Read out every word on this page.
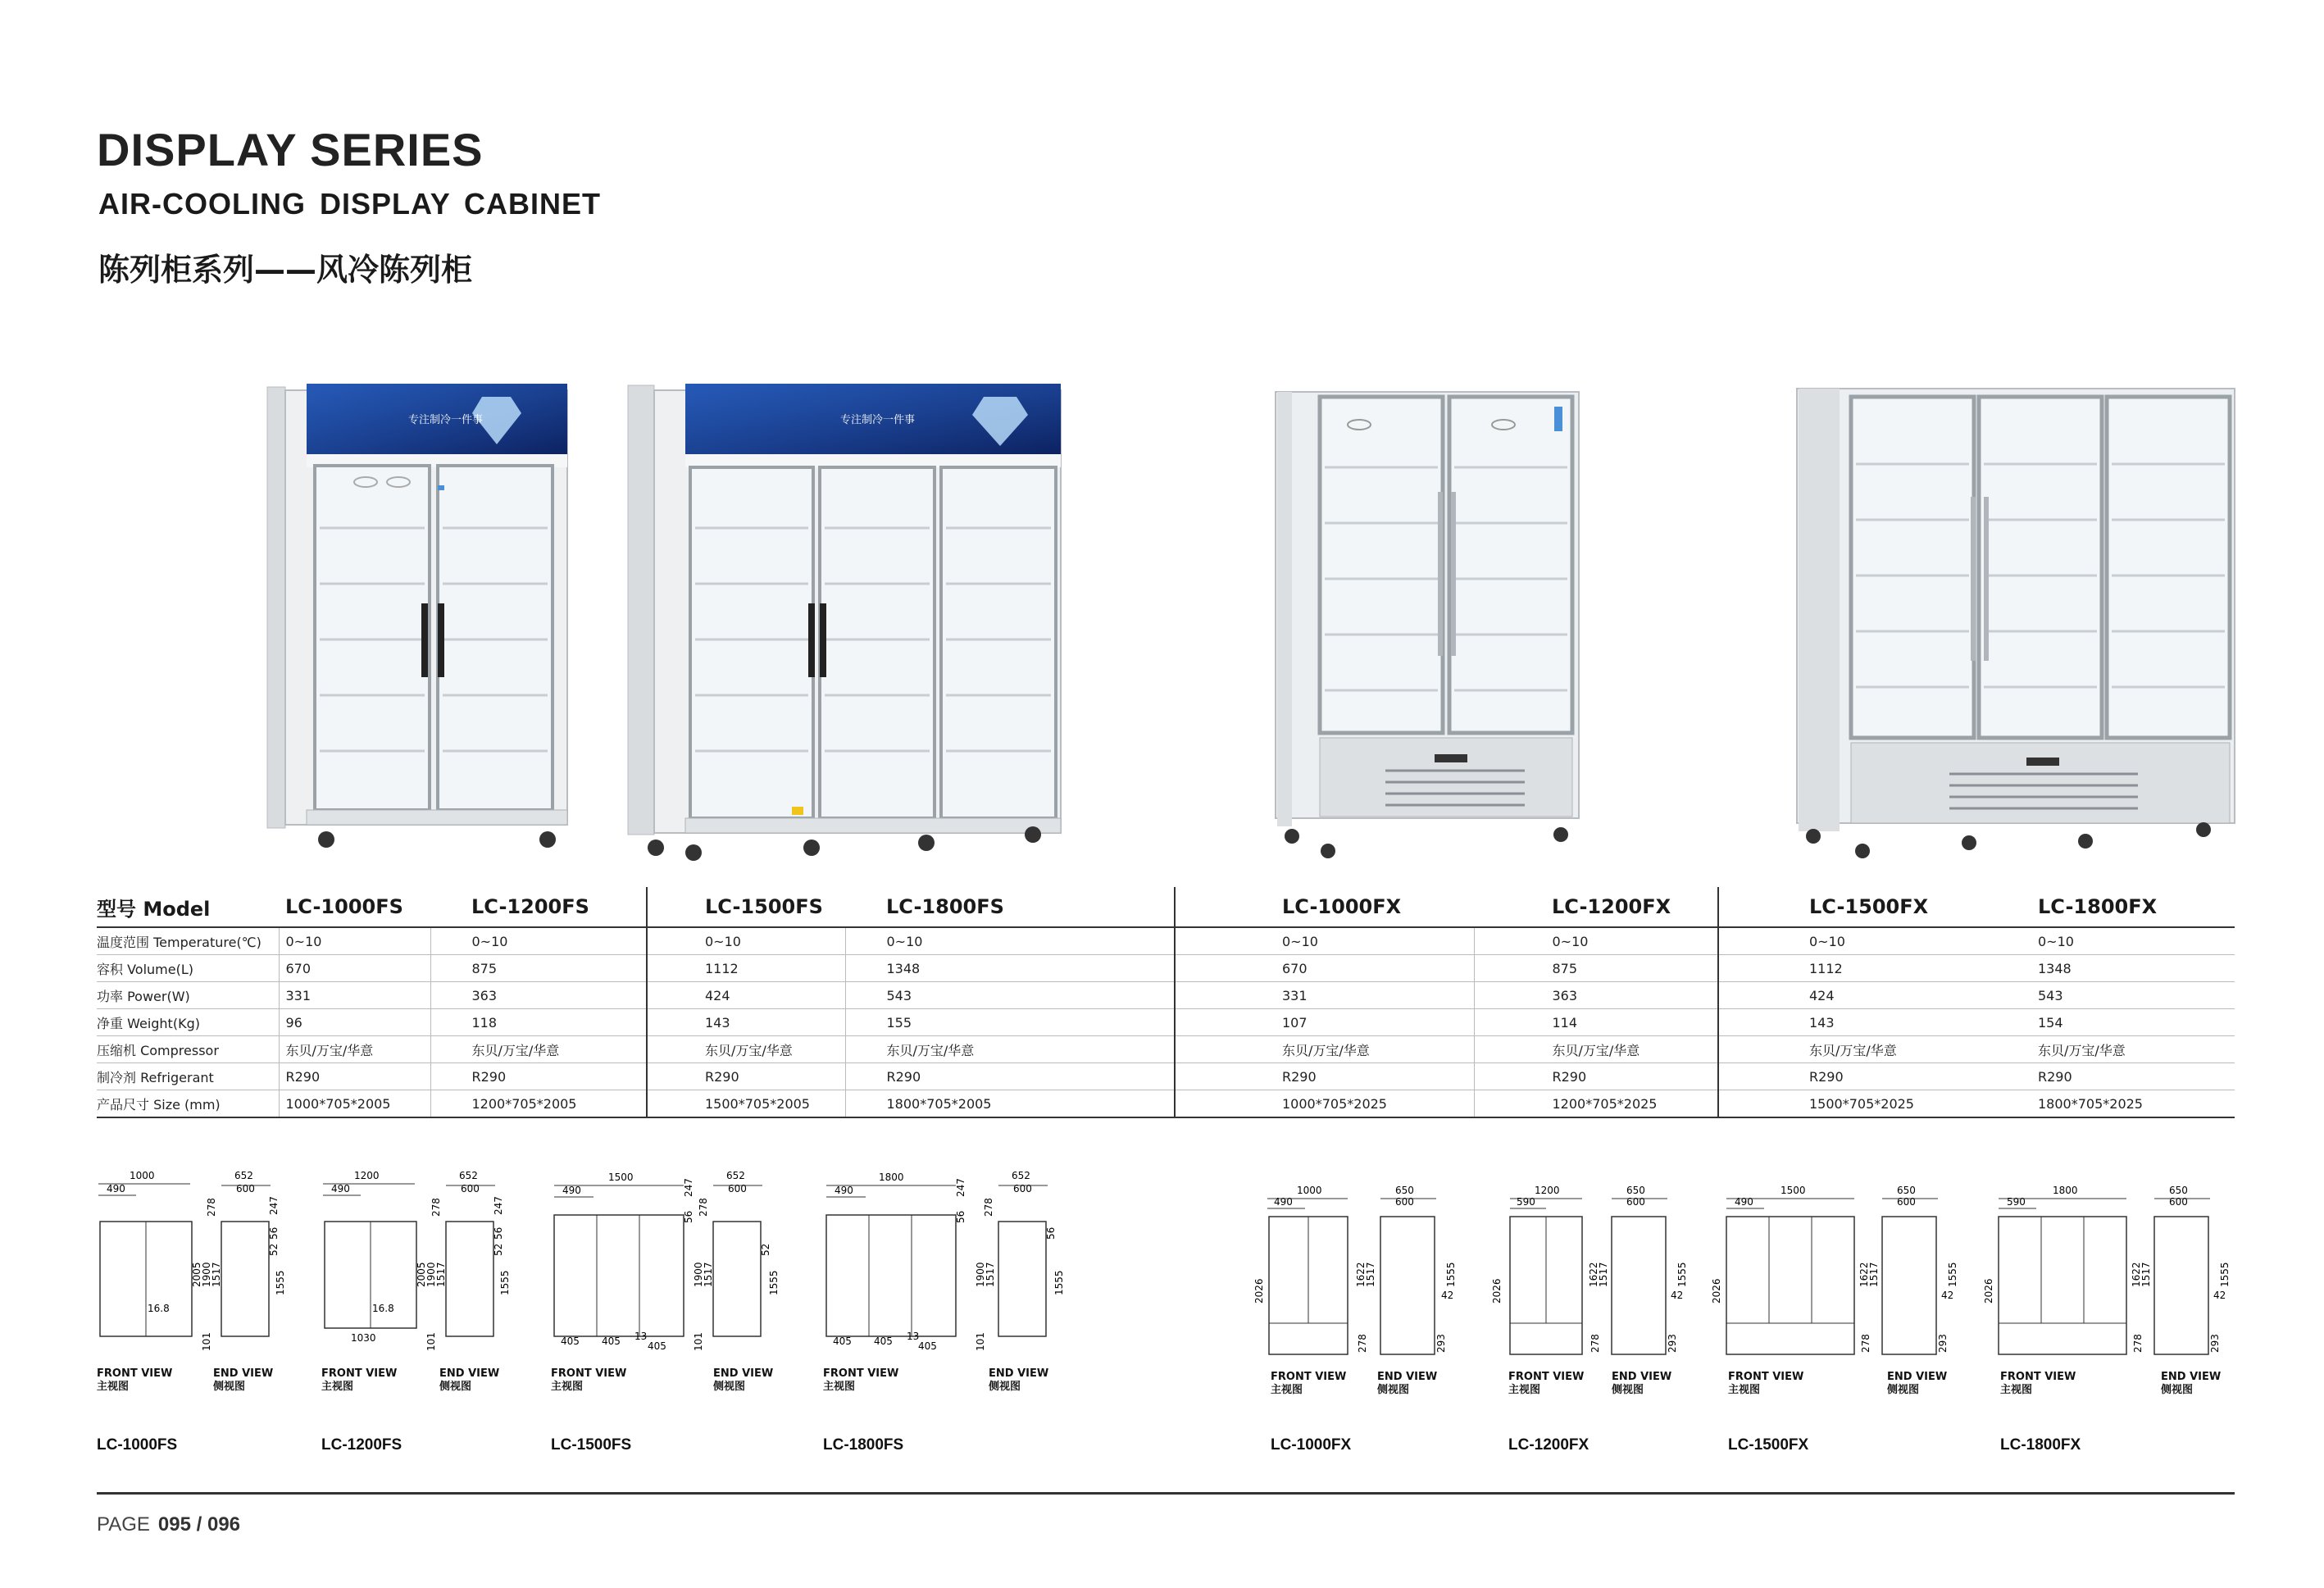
DISPLAY SERIES
AIR-COOLING DISPLAY CABINET
陈列柜系列——风冷陈列柜
专注制冷一件事	专注制冷一件事
型号 Model	LC-1000FS	LC-1200FS	LC-1500FS	LC-1800FS	LC-1000FX	LC-1200FX	LC-1500FX	LC-1800FX
温度范围 Temperature(℃)	0~10	0~10	0~10	0~10	0~10	0~10	0~10	0~10
容积 Volume(L)	670	875	1112	1348	670	875	1112	1348
功率 Power(W)	331	363	424	543	331	363	424	543
净重 Weight(Kg)	96	118	143	155	107	114	143	154
压缩机 Compressor	东贝/万宝/华意	东贝/万宝/华意	东贝/万宝/华意	东贝/万宝/华意	东贝/万宝/华意	东贝/万宝/华意	东贝/万宝/华意	东贝/万宝/华意
制冷剂 Refrigerant	R290	R290	R290	R290	R290	R290	R290	R290
产品尺寸 Size (mm)	1000*705*2005	1200*705*2005	1500*705*2005	1800*705*2005	1000*705*2025	1200*705*2025	1500*705*2025	1800*705*2025
1000
490
16.8
2005
652
600
278	247
56
52
1900
1517	1555
101
FRONT VIEW
主视图
END VIEW
侧视图
LC-1000FS
1200
490
16.8
1030
2005
652
600
278	247
56
52
1900
1517	1555
101
FRONT VIEW
主视图
END VIEW
侧视图
LC-1200FS
1500
490	247
56
405 405 13
405
652
600
278
52
1900
1517	1555
101
FRONT VIEW
主视图
END VIEW
侧视图
LC-1500FS
1800
490	247
56
405 405 13
405
652
600
278
56
1900
1517	1555
101
FRONT VIEW
主视图
END VIEW
侧视图
LC-1800FS
1000
490
2026
650
600
1622
1517	1555
42
278	293
FRONT VIEW
主视图
END VIEW
侧视图
LC-1000FX
1200
590
2026
650
600
1622
1517	1555
42
278	293
FRONT VIEW
主视图
END VIEW
侧视图
LC-1200FX
1500
490
2026
650
600
1622
1517	1555
42
278	293
FRONT VIEW
主视图
END VIEW
侧视图
LC-1500FX
1800
590
2026
650
600
1622
1517	1555
42
278	293
FRONT VIEW
主视图
END VIEW
侧视图
LC-1800FX
PAGE 095 / 096
